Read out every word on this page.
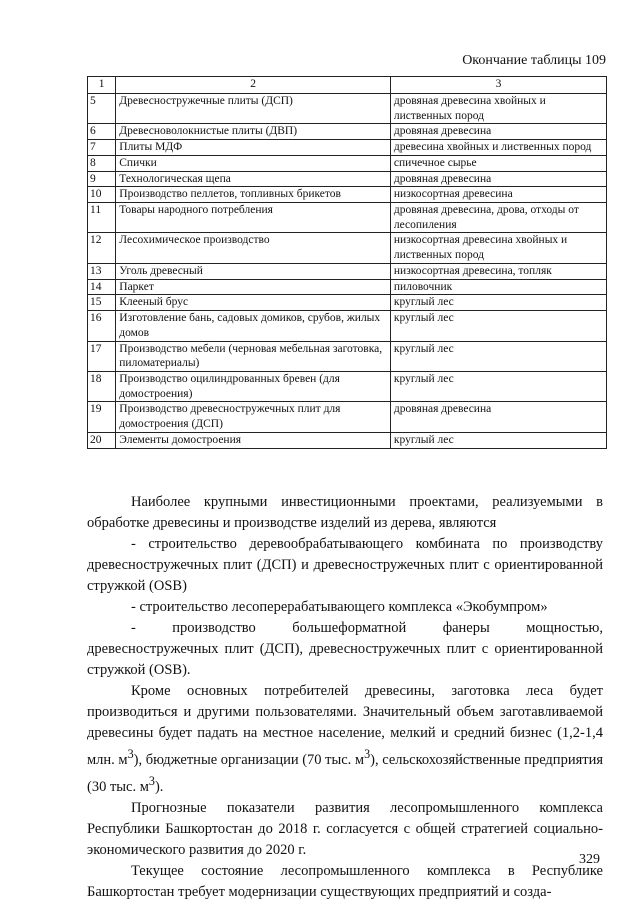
Окончание таблицы 109
1	2	3
5	Древесностружечные плиты (ДСП)	дровяная древесина хвойных и лиственных пород
6	Древесноволокнистые плиты (ДВП)	дровяная древесина
7	Плиты МДФ	древесина хвойных и лиственных пород
8	Спички	спичечное сырье
9	Технологическая щепа	дровяная древесина
10	Производство пеллетов, топливных брикетов	низкосортная древесина
11	Товары народного потребления	дровяная древесина, дрова, отходы от лесопиления
12	Лесохимическое производство	низкосортная древесина хвойных и лиственных пород
13	Уголь древесный	низкосортная древесина, топляк
14	Паркет	пиловочник
15	Клееный брус	круглый лес
16	Изготовление бань, садовых домиков, срубов, жилых домов	круглый лес
17	Производство мебели (черновая мебельная заготовка, пиломатериалы)	круглый лес
18	Производство оцилиндрованных бревен (для домостроения)	круглый лес
19	Производство древесностружечных плит для домостроения (ДСП)	дровяная древесина
20	Элементы домостроения	круглый лес

Наиболее крупными инвестиционными проектами, реализуемыми в обработке древесины и производстве изделий из дерева, являются

- строительство деревообрабатывающего комбината по производству древесностружечных плит (ДСП) и древесностружечных плит с ориентированной стружкой (OSB)

- строительство лесоперерабатывающего комплекса «Экобумпром»

- производство большеформатной фанеры мощностью, древесностружечных плит (ДСП), древесностружечных плит с ориентированной стружкой (OSB).

Кроме основных потребителей древесины, заготовка леса будет производиться и другими пользователями. Значительный объем заготавливаемой древесины будет падать на местное население, мелкий и средний бизнес (1,2-1,4 млн. $м^3$), бюджетные организации (70 тыс. $м^3$), сельскохозяйственные предприятия (30 тыс. $м^3$).

Прогнозные показатели развития лесопромышленного комплекса Республики Башкортостан до 2018 г. согласуется с общей стратегией социально-экономического развития до 2020 г.

Текущее состояние лесопромышленного комплекса в Республике Башкортостан требует модернизации существующих предприятий и созда-

329
